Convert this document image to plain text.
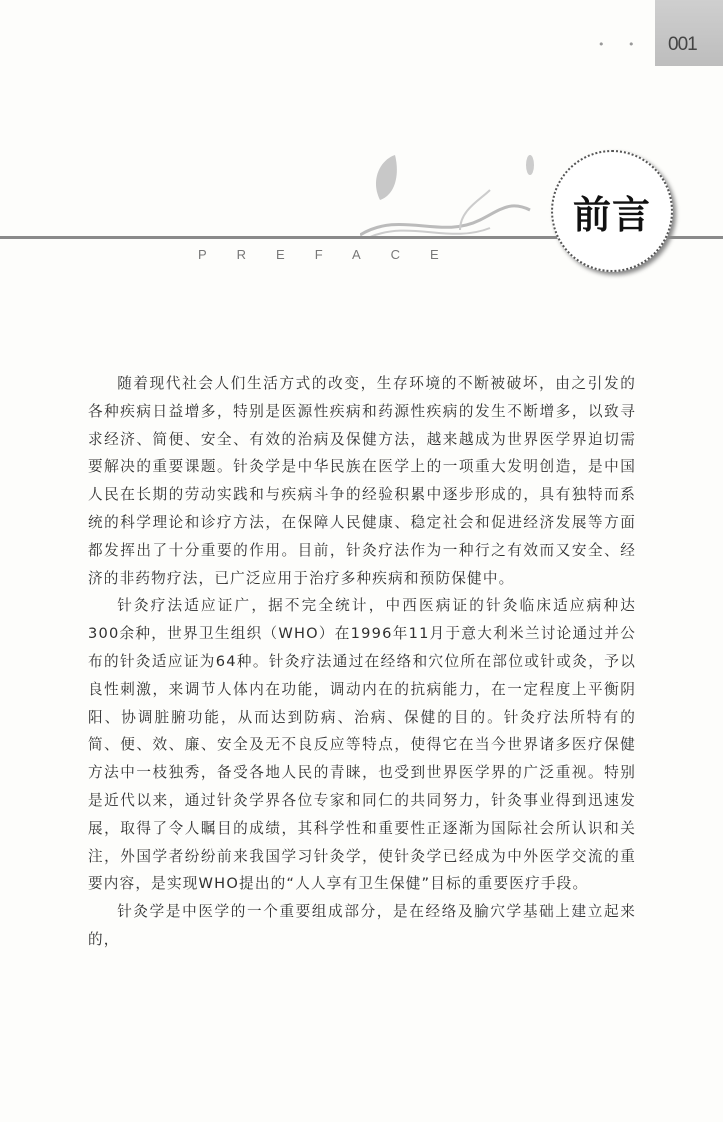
• • 001
前言
PREFACE

随着现代社会人们生活方式的改变，生存环境的不断被破坏，由之引发的各种疾病日益增多，特别是医源性疾病和药源性疾病的发生不断增多，以致寻求经济、简便、安全、有效的治病及保健方法，越来越成为世界医学界迫切需要解决的重要课题。针灸学是中华民族在医学上的一项重大发明创造，是中国人民在长期的劳动实践和与疾病斗争的经验积累中逐步形成的，具有独特而系统的科学理论和诊疗方法，在保障人民健康、稳定社会和促进经济发展等方面都发挥出了十分重要的作用。目前，针灸疗法作为一种行之有效而又安全、经济的非药物疗法，已广泛应用于治疗多种疾病和预防保健中。

针灸疗法适应证广，据不完全统计，中西医病证的针灸临床适应病种达300余种，世界卫生组织（WHO）在1996年11月于意大利米兰讨论通过并公布的针灸适应证为64种。针灸疗法通过在经络和穴位所在部位或针或灸，予以良性刺激，来调节人体内在功能，调动内在的抗病能力，在一定程度上平衡阴阳、协调脏腑功能，从而达到防病、治病、保健的目的。针灸疗法所特有的简、便、效、廉、安全及无不良反应等特点，使得它在当今世界诸多医疗保健方法中一枝独秀，备受各地人民的青睐，也受到世界医学界的广泛重视。特别是近代以来，通过针灸学界各位专家和同仁的共同努力，针灸事业得到迅速发展，取得了令人瞩目的成绩，其科学性和重要性正逐渐为国际社会所认识和关注，外国学者纷纷前来我国学习针灸学，使针灸学已经成为中外医学交流的重要内容，是实现WHO提出的“人人享有卫生保健”目标的重要医疗手段。

针灸学是中医学的一个重要组成部分，是在经络及腧穴学基础上建立起来的，
